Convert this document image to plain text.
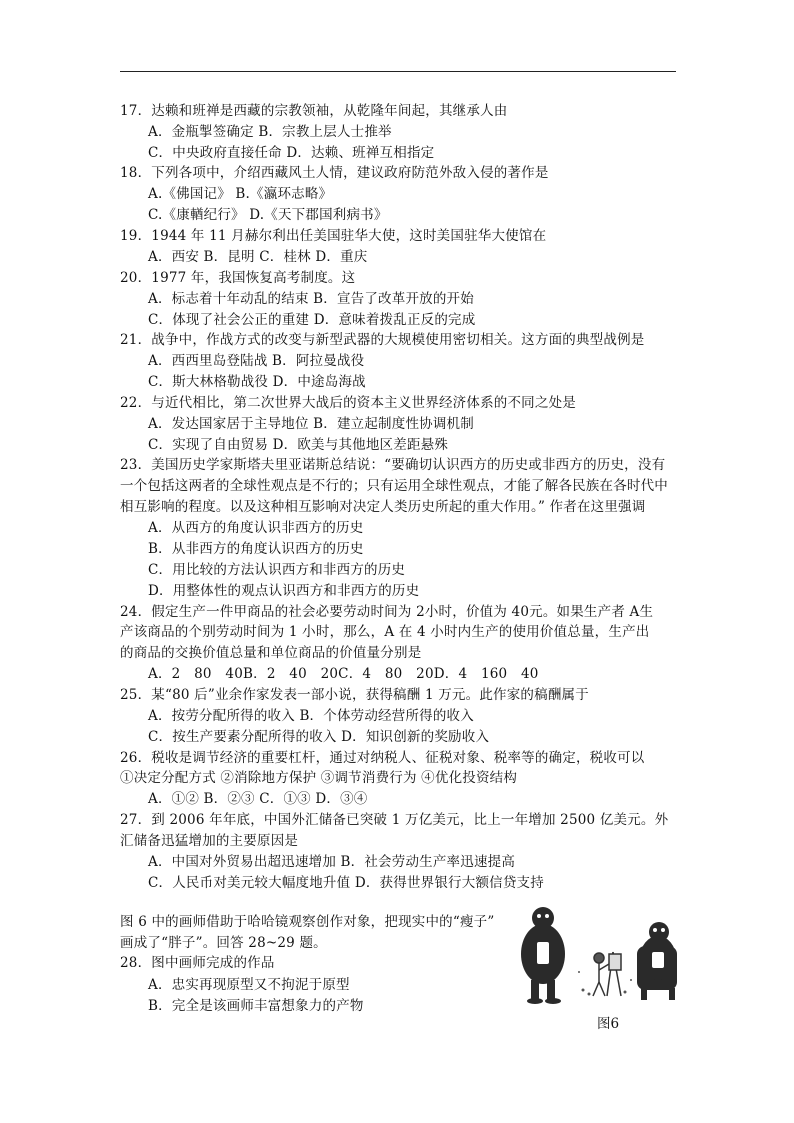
17．达赖和班禅是西藏的宗教领袖，从乾隆年间起，其继承人由
A．金瓶掣签确定 B．宗教上层人士推举
C．中央政府直接任命 D．达赖、班禅互相指定
18．下列各项中，介绍西藏风土人情，建议政府防范外敌入侵的著作是
A.《佛国记》 B.《瀛环志略》
C.《康輶纪行》 D.《天下郡国利病书》
19．1944 年 11 月赫尔利出任美国驻华大使，这时美国驻华大使馆在
A．西安 B．昆明 C．桂林 D．重庆
20．1977 年，我国恢复高考制度。这
A．标志着十年动乱的结束 B．宣告了改革开放的开始
C．体现了社会公正的重建 D．意味着拨乱正反的完成
21．战争中，作战方式的改变与新型武器的大规模使用密切相关。这方面的典型战例是
A．西西里岛登陆战 B．阿拉曼战役
C．斯大林格勒战役 D．中途岛海战
22．与近代相比，第二次世界大战后的资本主义世界经济体系的不同之处是
A．发达国家居于主导地位 B．建立起制度性协调机制
C．实现了自由贸易 D．欧美与其他地区差距悬殊
23．美国历史学家斯塔夫里亚诺斯总结说：“要确切认识西方的历史或非西方的历史，没有
一个包括这两者的全球性观点是不行的；只有运用全球性观点，才能了解各民族在各时代中
相互影响的程度。以及这种相互影响对决定人类历史所起的重大作用。” 作者在这里强调
A．从西方的角度认识非西方的历史
B．从非西方的角度认识西方的历史
C．用比较的方法认识西方和非西方的历史
D．用整体性的观点认识西方和非西方的历史
24．假定生产一件甲商品的社会必要劳动时间为 2小时，价值为 40元。如果生产者 A生
产该商品的个别劳动时间为 1 小时，那么，A 在 4 小时内生产的使用价值总量，生产出
的商品的交换价值总量和单位商品的价值量分别是
A．2　80　40B．2　40　20C．4　80　20D．4　160　40
25．某“80 后”业余作家发表一部小说，获得稿酬 1 万元。此作家的稿酬属于
A．按劳分配所得的收入 B．个体劳动经营所得的收入
C．按生产要素分配所得的收入 D．知识创新的奖励收入
26．税收是调节经济的重要杠杆，通过对纳税人、征税对象、税率等的确定，税收可以
①决定分配方式 ②消除地方保护 ③调节消费行为 ④优化投资结构
A．①② B．②③ C．①③ D．③④
27．到 2006 年年底，中国外汇储备已突破 1 万亿美元，比上一年增加 2500 亿美元。外
汇储备迅猛增加的主要原因是
A．中国对外贸易出超迅速增加 B．社会劳动生产率迅速提高
C．人民币对美元较大幅度地升值 D．获得世界银行大额信贷支持
图 6 中的画师借助于哈哈镜观察创作对象，把现实中的“瘦子”
画成了“胖子”。回答 28~29 题。
28．图中画师完成的作品
A．忠实再现原型又不拘泥于原型
B．完全是该画师丰富想象力的产物
图6
